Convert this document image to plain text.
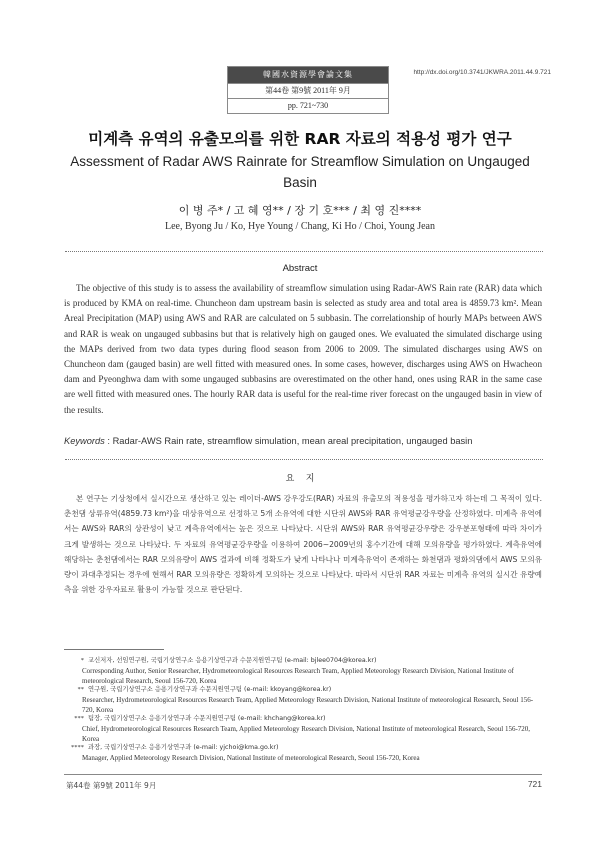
韓國水資源學會論文集
第44卷 第9號 2011年 9月
pp. 721~730
http://dx.doi.org/10.3741/JKWRA.2011.44.9.721
미계측 유역의 유출모의를 위한 RAR 자료의 적용성 평가 연구
Assessment of Radar AWS Rainrate for Streamflow Simulation on Ungauged Basin
이 병 주* / 고 혜 영** / 장 기 호*** / 최 영 진****
Lee, Byong Ju / Ko, Hye Young / Chang, Ki Ho / Choi, Young Jean
Abstract

The objective of this study is to assess the availability of streamflow simulation using Radar-AWS Rain rate (RAR) data which is produced by KMA on real-time. Chuncheon dam upstream basin is selected as study area and total area is 4859.73 km². Mean Areal Precipitation (MAP) using AWS and RAR are calculated on 5 subbasin. The correlationship of hourly MAPs between AWS and RAR is weak on ungauged subbasins but that is relatively high on gauged ones. We evaluated the simulated discharge using the MAPs derived from two data types during flood season from 2006 to 2009. The simulated discharges using AWS on Chuncheon dam (gauged basin) are well fitted with measured ones. In some cases, however, discharges using AWS on Hwacheon dam and Pyeonghwa dam with some ungauged subbasins are overestimated on the other hand, ones using RAR in the same case are well fitted with measured ones. The hourly RAR data is useful for the real-time river forecast on the ungauged basin in view of the results.

Keywords : Radar-AWS Rain rate, streamflow simulation, mean areal precipitation, ungauged basin
요    지

본 연구는 기상청에서 실시간으로 생산하고 있는 레이더-AWS 강우강도(RAR) 자료의 유출모의 적용성을 평가하고자 하는데 그 목적이 있다. 춘천댐 상류유역(4859.73 km²)을 대상유역으로 선정하고 5개 소유역에 대한 시단위 AWS와 RAR 유역평균강우량을 산정하였다. 미계측 유역에서는 AWS와 RAR의 상관성이 낮고 계측유역에서는 높은 것으로 나타났다. 시단위 AWS와 RAR 유역평균강우량은 강우분포형태에 따라 차이가 크게 발생하는 것으로 나타났다. 두 자료의 유역평균강우량을 이용하여 2006~2009년의 홍수기간에 대해 모의유량을 평가하였다. 계측유역에 해당하는 춘천댐에서는 RAR 모의유량이 AWS 결과에 비해 정확도가 낮게 나타나나 미계측유역이 존재하는 화천댐과 평화의댐에서 AWS 모의유량이 과대추정되는 경우에 현해서 RAR 모의유량은 정확하게 모의하는 것으로 나타났다. 따라서 시단위 RAR 자료는 미계측 유역의 실시간 유량예측을 위한 강우자료로 활용이 가능할 것으로 판단된다.

* 교신저자, 선임연구원, 국립기상연구소 응용기상연구과 수문지원연구팀 (e-mail: bjlee0704@korea.kr)
Corresponding Author, Senior Researcher, Hydrometeorological Resources Research Team, Applied Meteorology Research Division, National Institute of meteorological Research, Seoul 156-720, Korea
** 연구원, 국립기상연구소 응용기상연구과 수문지원연구팀 (e-mail: kkoyang@korea.kr)
Researcher, Hydrometeorological Resources Research Team, Applied Meteorology Research Division, National Institute of meteorological Research, Seoul 156-720, Korea
*** 팀장, 국립기상연구소 응용기상연구과 수문지원연구팀 (e-mail: khchang@korea.kr)
Chief, Hydrometeorological Resources Research Team, Applied Meteorology Research Division, National Institute of meteorological Research, Seoul 156-720, Korea
**** 과장, 국립기상연구소 응용기상연구과 (e-mail: yjchoi@kma.go.kr)
Manager, Applied Meteorology Research Division, National Institute of meteorological Research, Seoul 156-720, Korea
第44卷 第9號 2011年 9月	721
